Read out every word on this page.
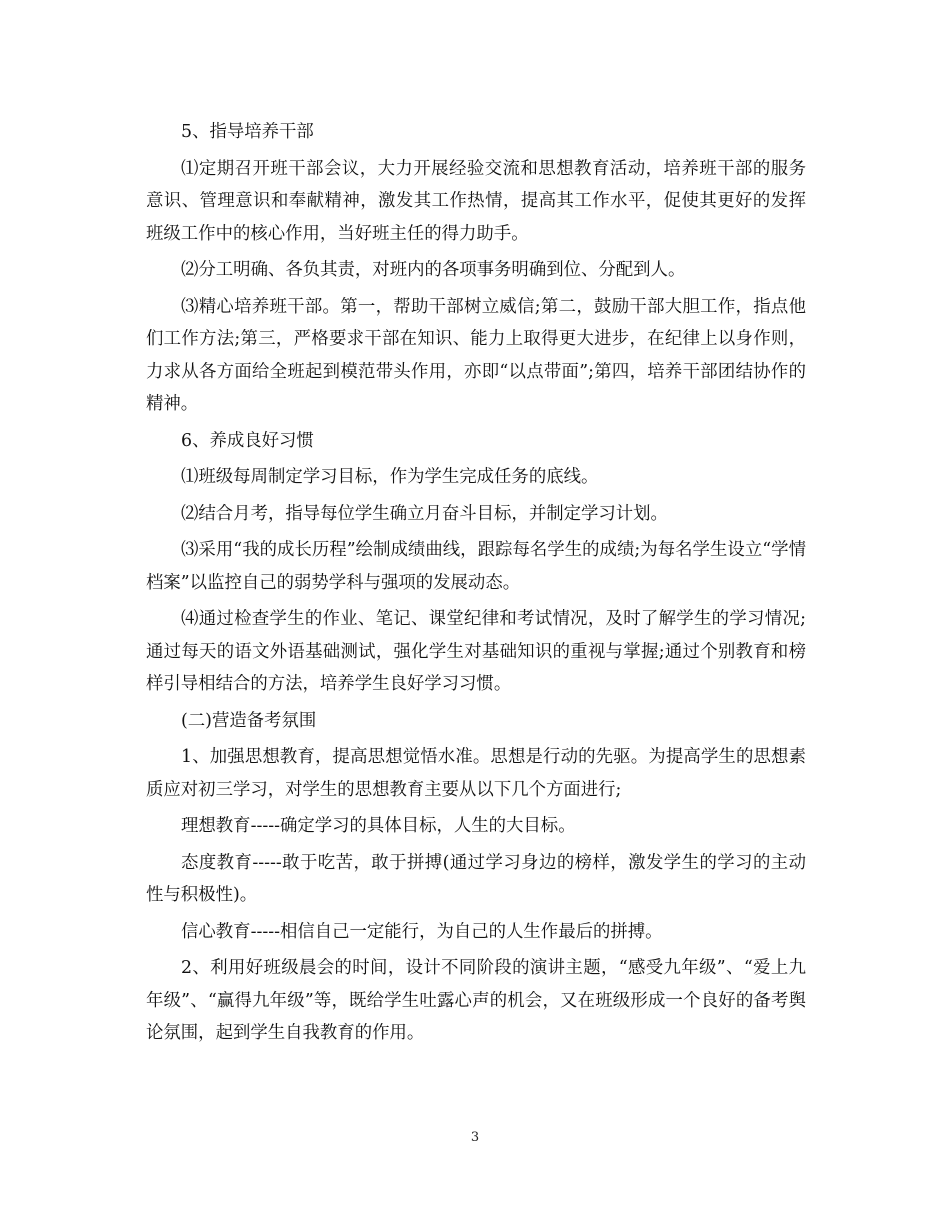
5、指导培养干部

⑴定期召开班干部会议，大力开展经验交流和思想教育活动，培养班干部的服务意识、管理意识和奉献精神，激发其工作热情，提高其工作水平，促使其更好的发挥班级工作中的核心作用，当好班主任的得力助手。

⑵分工明确、各负其责，对班内的各项事务明确到位、分配到人。

⑶精心培养班干部。第一，帮助干部树立威信;第二，鼓励干部大胆工作，指点他们工作方法;第三，严格要求干部在知识、能力上取得更大进步，在纪律上以身作则，力求从各方面给全班起到模范带头作用，亦即“以点带面”;第四，培养干部团结协作的精神。

6、养成良好习惯

⑴班级每周制定学习目标，作为学生完成任务的底线。

⑵结合月考，指导每位学生确立月奋斗目标，并制定学习计划。

⑶采用“我的成长历程”绘制成绩曲线，跟踪每名学生的成绩;为每名学生设立“学情档案”以监控自己的弱势学科与强项的发展动态。

⑷通过检查学生的作业、笔记、课堂纪律和考试情况，及时了解学生的学习情况;通过每天的语文外语基础测试，强化学生对基础知识的重视与掌握;通过个别教育和榜样引导相结合的方法，培养学生良好学习习惯。

(二)营造备考氛围

1、加强思想教育，提高思想觉悟水准。思想是行动的先驱。为提高学生的思想素质应对初三学习，对学生的思想教育主要从以下几个方面进行;

理想教育-----确定学习的具体目标，人生的大目标。

态度教育-----敢于吃苦，敢于拼搏(通过学习身边的榜样，激发学生的学习的主动性与积极性)。

信心教育-----相信自己一定能行，为自己的人生作最后的拼搏。

2、利用好班级晨会的时间，设计不同阶段的演讲主题，“感受九年级”、“爱上九年级”、“赢得九年级”等，既给学生吐露心声的机会，又在班级形成一个良好的备考舆论氛围，起到学生自我教育的作用。

3
